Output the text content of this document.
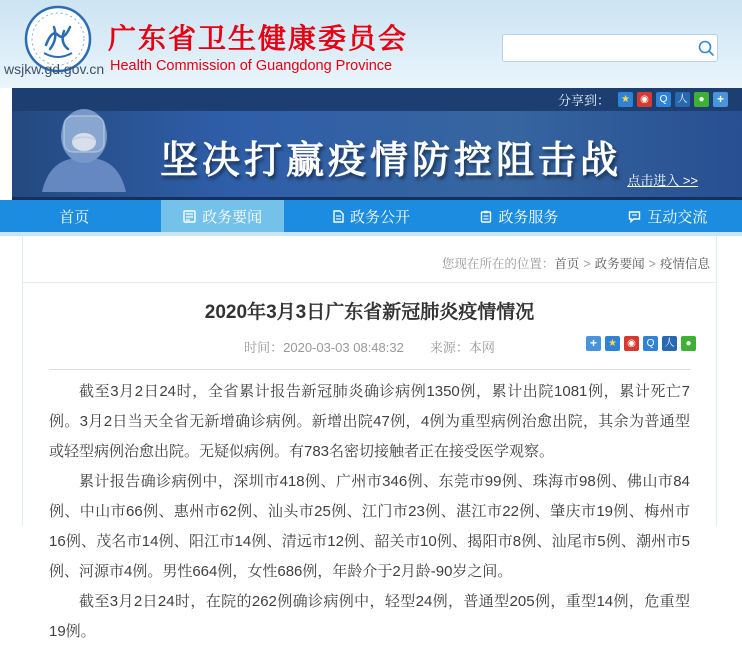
wsjkw.gd.gov.cn
广东省卫生健康委员会
Health Commission of Guangdong Province
分享到：	★	◉	Q	人	●	+
坚决打赢疫情防控阻击战 点击进入 >>
首页	政务要闻	政务公开	政务服务	互动交流
您现在所在的位置：首页 > 政务要闻 > 疫情信息
2020年3月3日广东省新冠肺炎疫情情况
时间：2020-03-03 08:48:32 来源：本网	+	★	◉	Q	人	●

截至3月2日24时，全省累计报告新冠肺炎确诊病例1350例，累计出院1081例，累计死亡7例。3月2日当天全省无新增确诊病例。新增出院47例，4例为重型病例治愈出院，其余为普通型或轻型病例治愈出院。无疑似病例。有783名密切接触者正在接受医学观察。

累计报告确诊病例中，深圳市418例、广州市346例、东莞市99例、珠海市98例、佛山市84例、中山市66例、惠州市62例、汕头市25例、江门市23例、湛江市22例、肇庆市19例、梅州市16例、茂名市14例、阳江市14例、清远市12例、韶关市10例、揭阳市8例、汕尾市5例、潮州市5例、河源市4例。男性664例，女性686例，年龄介于2月龄-90岁之间。

截至3月2日24时，在院的262例确诊病例中，轻型24例，普通型205例，重型14例，危重型19例。
